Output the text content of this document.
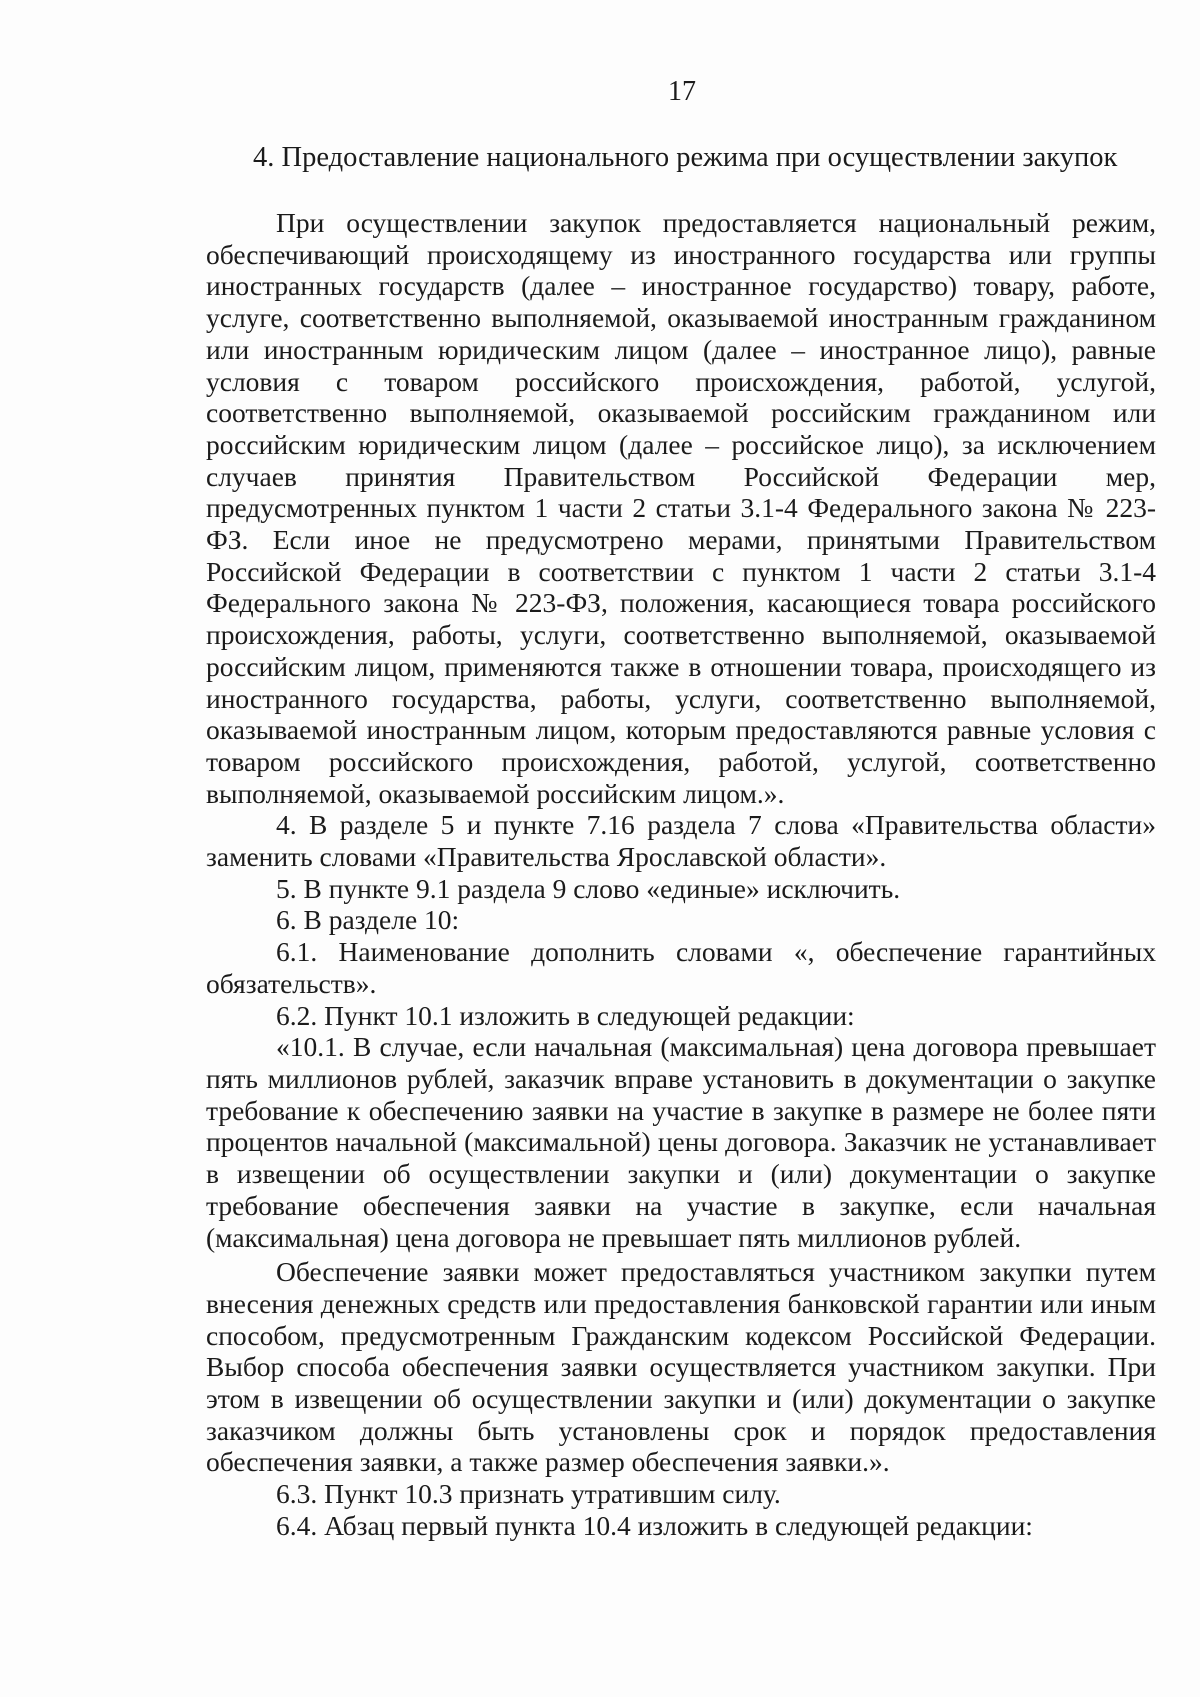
17
4. Предоставление национального режима при осуществлении закупок

При осуществлении закупок предоставляется национальный режим, обеспечивающий происходящему из иностранного государства или группы иностранных государств (далее – иностранное государство) товару, работе, услуге, соответственно выполняемой, оказываемой иностранным гражданином или иностранным юридическим лицом (далее – иностранное лицо), равные условия с товаром российского происхождения, работой, услугой, соответственно выполняемой, оказываемой российским гражданином или российским юридическим лицом (далее – российское лицо), за исключением случаев принятия Правительством Российской Федерации мер, предусмотренных пунктом 1 части 2 статьи 3.1-4 Федерального закона № 223-ФЗ. Если иное не предусмотрено мерами, принятыми Правительством Российской Федерации в соответствии с пунктом 1 части 2 статьи 3.1-4 Федерального закона № 223-ФЗ, положения, касающиеся товара российского происхождения, работы, услуги, соответственно выполняемой, оказываемой российским лицом, применяются также в отношении товара, происходящего из иностранного государства, работы, услуги, соответственно выполняемой, оказываемой иностранным лицом, которым предоставляются равные условия с товаром российского происхождения, работой, услугой, соответственно выполняемой, оказываемой российским лицом.».

4. В разделе 5 и пункте 7.16 раздела 7 слова «Правительства области» заменить словами «Правительства Ярославской области».

5. В пункте 9.1 раздела 9 слово «единые» исключить.

6. В разделе 10:

6.1. Наименование дополнить словами «, обеспечение гарантийных обязательств».

6.2. Пункт 10.1 изложить в следующей редакции:

«10.1. В случае, если начальная (максимальная) цена договора превышает пять миллионов рублей, заказчик вправе установить в документации о закупке требование к обеспечению заявки на участие в закупке в размере не более пяти процентов начальной (максимальной) цены договора. Заказчик не устанавливает в извещении об осуществлении закупки и (или) документации о закупке требование обеспечения заявки на участие в закупке, если начальная (максимальная) цена договора не превышает пять миллионов рублей.

Обеспечение заявки может предоставляться участником закупки путем внесения денежных средств или предоставления банковской гарантии или иным способом, предусмотренным Гражданским кодексом Российской Федерации. Выбор способа обеспечения заявки осуществляется участником закупки. При этом в извещении об осуществлении закупки и (или) документации о закупке заказчиком должны быть установлены срок и порядок предоставления обеспечения заявки, а также размер обеспечения заявки.».

6.3. Пункт 10.3 признать утратившим силу.

6.4. Абзац первый пункта 10.4 изложить в следующей редакции:
